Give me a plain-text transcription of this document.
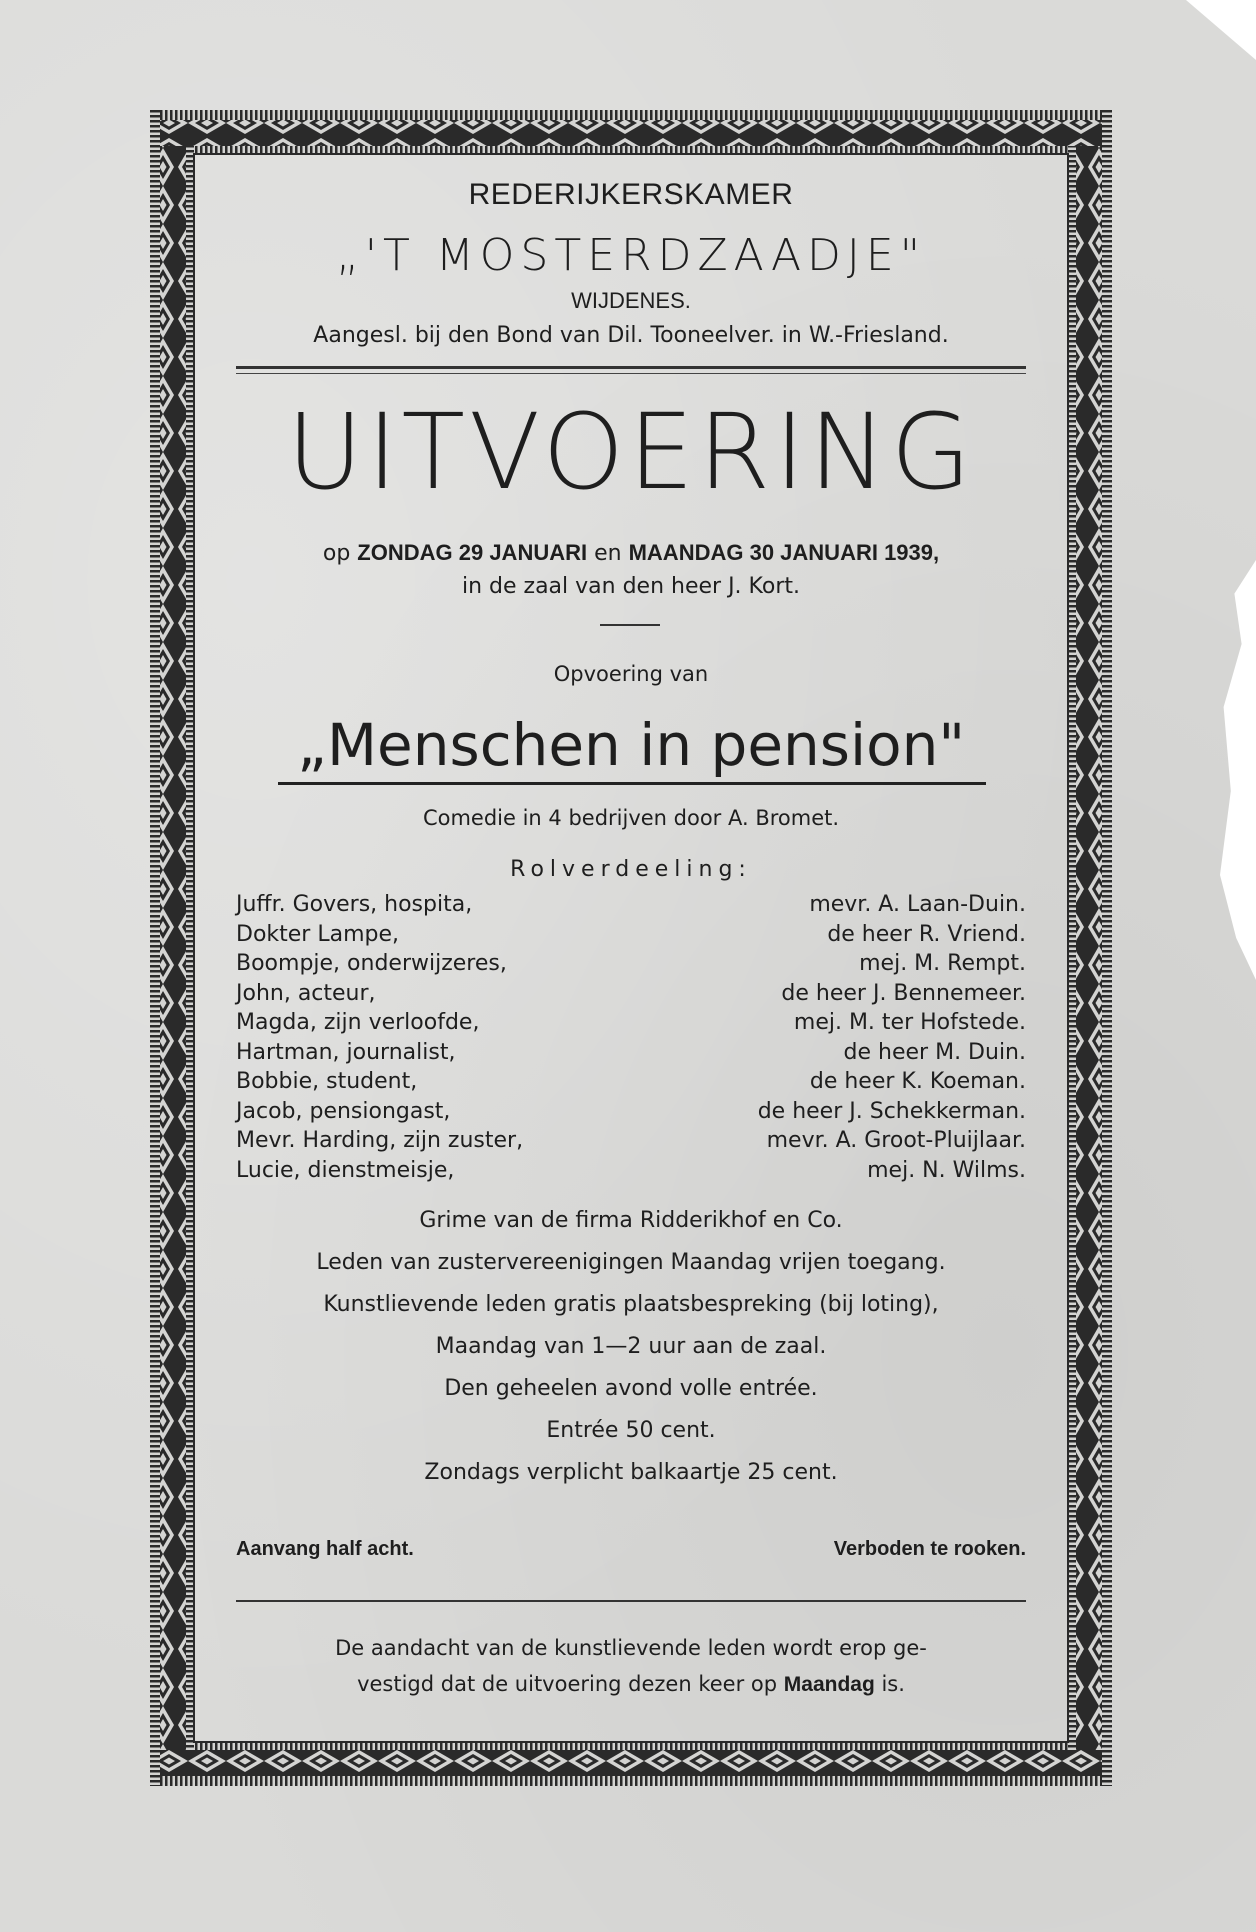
REDERIJKERSKAMER
„'T MOSTERDZAADJE"
WIJDENES.
Aangesl. bij den Bond van Dil. Tooneelver. in W.-Friesland.
UITVOERING
op ZONDAG 29 JANUARI en MAANDAG 30 JANUARI 1939,
in de zaal van den heer J. Kort.
Opvoering van
„Menschen in pension"
Comedie in 4 bedrijven door A. Bromet.
Rolverdeeling:
Juffr. Govers, hospita,	mevr. A. Laan-Duin.
Dokter Lampe,	de heer R. Vriend.
Boompje, onderwijzeres,	mej. M. Rempt.
John, acteur,	de heer J. Bennemeer.
Magda, zijn verloofde,	mej. M. ter Hofstede.
Hartman, journalist,	de heer M. Duin.
Bobbie, student,	de heer K. Koeman.
Jacob, pensiongast,	de heer J. Schekkerman.
Mevr. Harding, zijn zuster,	mevr. A. Groot-Pluijlaar.
Lucie, dienstmeisje,	mej. N. Wilms.
Grime van de firma Ridderikhof en Co.
Leden van zustervereenigingen Maandag vrijen toegang.
Kunstlievende leden gratis plaatsbespreking (bij loting),
Maandag van 1—2 uur aan de zaal.
Den geheelen avond volle entrée.
Entrée 50 cent.
Zondags verplicht balkaartje 25 cent.
Aanvang half acht.	Verboden te rooken.
De aandacht van de kunstlievende leden wordt erop ge-
vestigd dat de uitvoering dezen keer op Maandag is.
